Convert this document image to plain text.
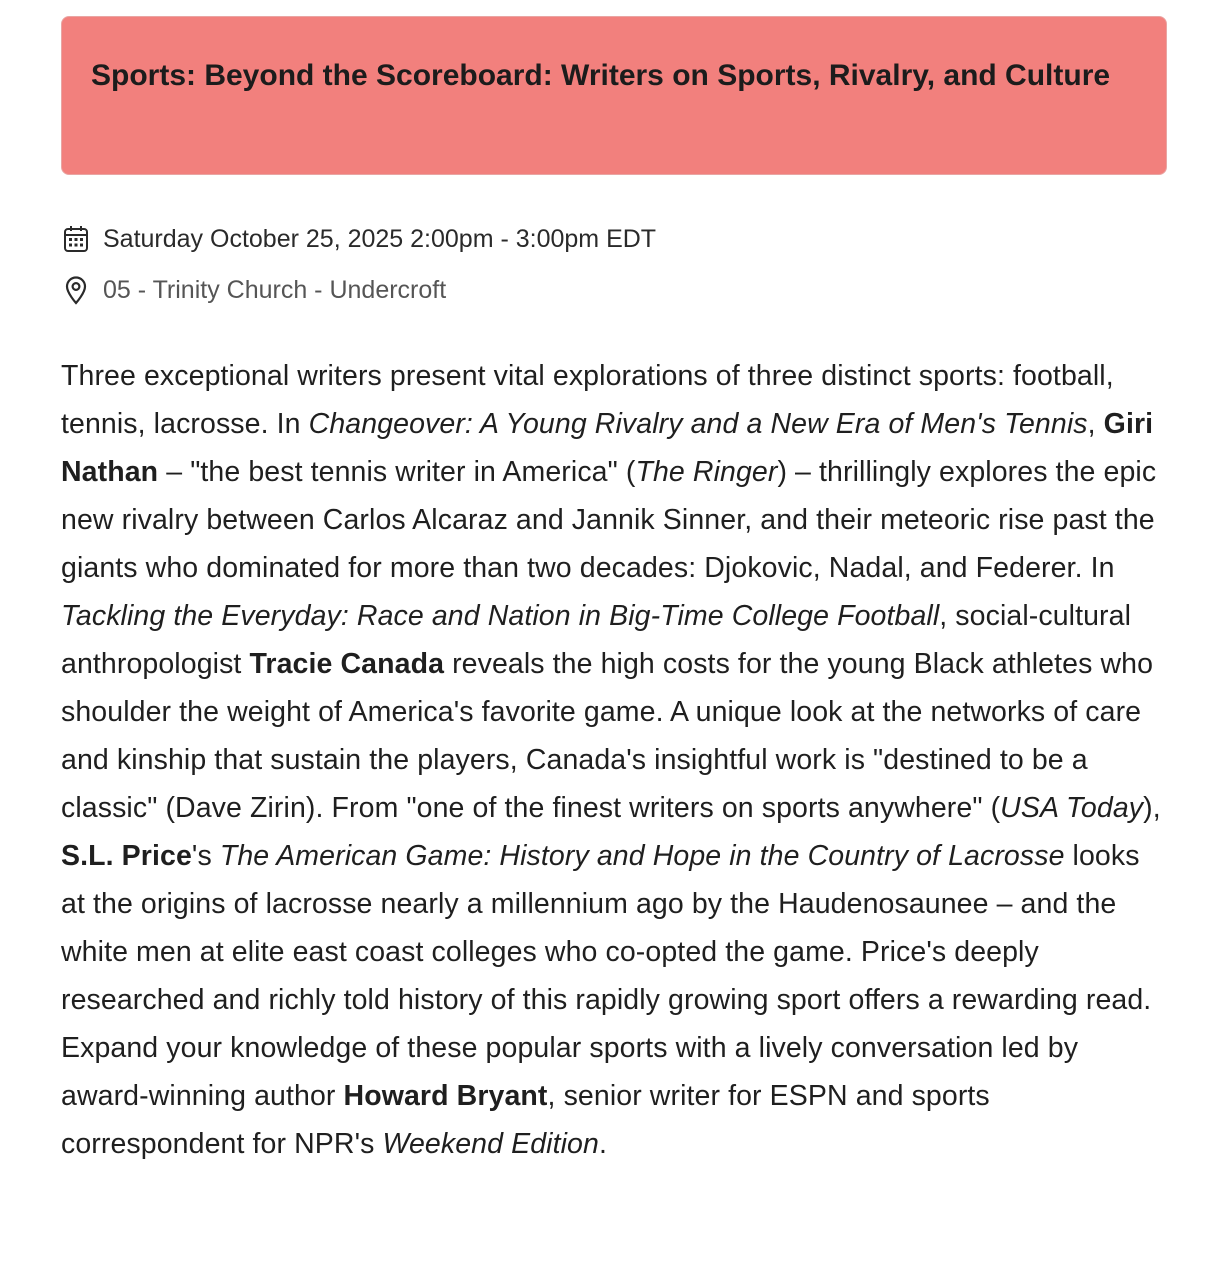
Sports: Beyond the Scoreboard: Writers on Sports, Rivalry, and Culture
Saturday October 25, 2025 2:00pm - 3:00pm EDT
05 - Trinity Church - Undercroft

Three exceptional writers present vital explorations of three distinct sports: football, tennis, lacrosse. In Changeover: A Young Rivalry and a New Era of Men's Tennis, Giri Nathan – "the best tennis writer in America" (The Ringer) – thrillingly explores the epic new rivalry between Carlos Alcaraz and Jannik Sinner, and their meteoric rise past the giants who dominated for more than two decades: Djokovic, Nadal, and Federer. In Tackling the Everyday: Race and Nation in Big-Time College Football, social-cultural anthropologist Tracie Canada reveals the high costs for the young Black athletes who shoulder the weight of America's favorite game. A unique look at the networks of care and kinship that sustain the players, Canada's insightful work is "destined to be a classic" (Dave Zirin). From "one of the finest writers on sports anywhere" (USA Today), S.L. Price's The American Game: History and Hope in the Country of Lacrosse looks at the origins of lacrosse nearly a millennium ago by the Haudenosaunee – and the white men at elite east coast colleges who co-opted the game. Price's deeply researched and richly told history of this rapidly growing sport offers a rewarding read. Expand your knowledge of these popular sports with a lively conversation led by award-winning author Howard Bryant, senior writer for ESPN and sports correspondent for NPR's Weekend Edition.
